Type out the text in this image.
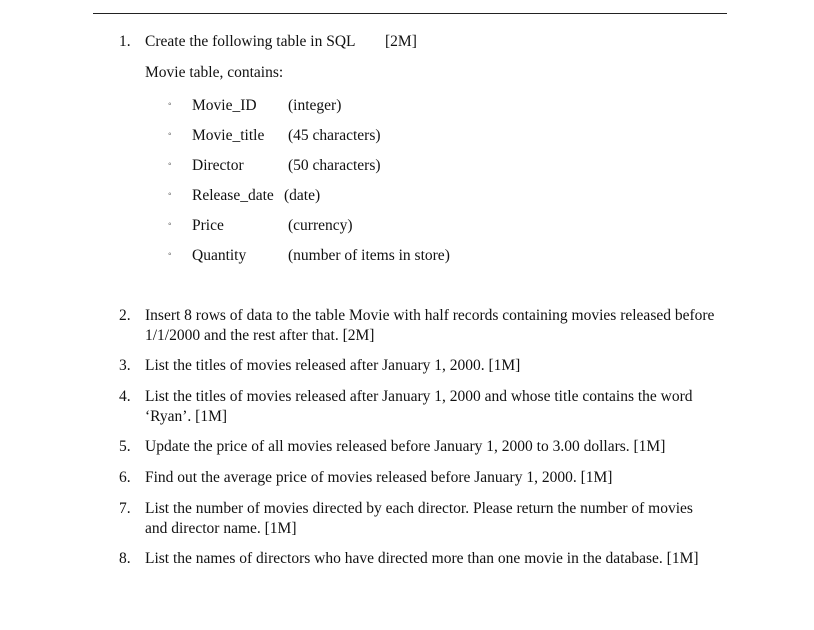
1. Create the following table in SQL [2M]
Movie table, contains:
◦ Movie_ID (integer)
◦ Movie_title (45 characters)
◦ Director	(50 characters)
◦ Release_date (date)
◦ Price	(currency)
◦ Quantity	(number of items in store)
2. Insert 8 rows of data to the table Movie with half records containing movies released before 1/1/2000 and the rest after that. [2M]
3. List the titles of movies released after January 1, 2000. [1M]
4. List the titles of movies released after January 1, 2000 and whose title contains the word ‘Ryan’. [1M]
5. Update the price of all movies released before January 1, 2000 to 3.00 dollars. [1M]
6. Find out the average price of movies released before January 1, 2000. [1M]
7. List the number of movies directed by each director. Please return the number of movies and director name. [1M]
8. List the names of directors who have directed more than one movie in the database. [1M]
